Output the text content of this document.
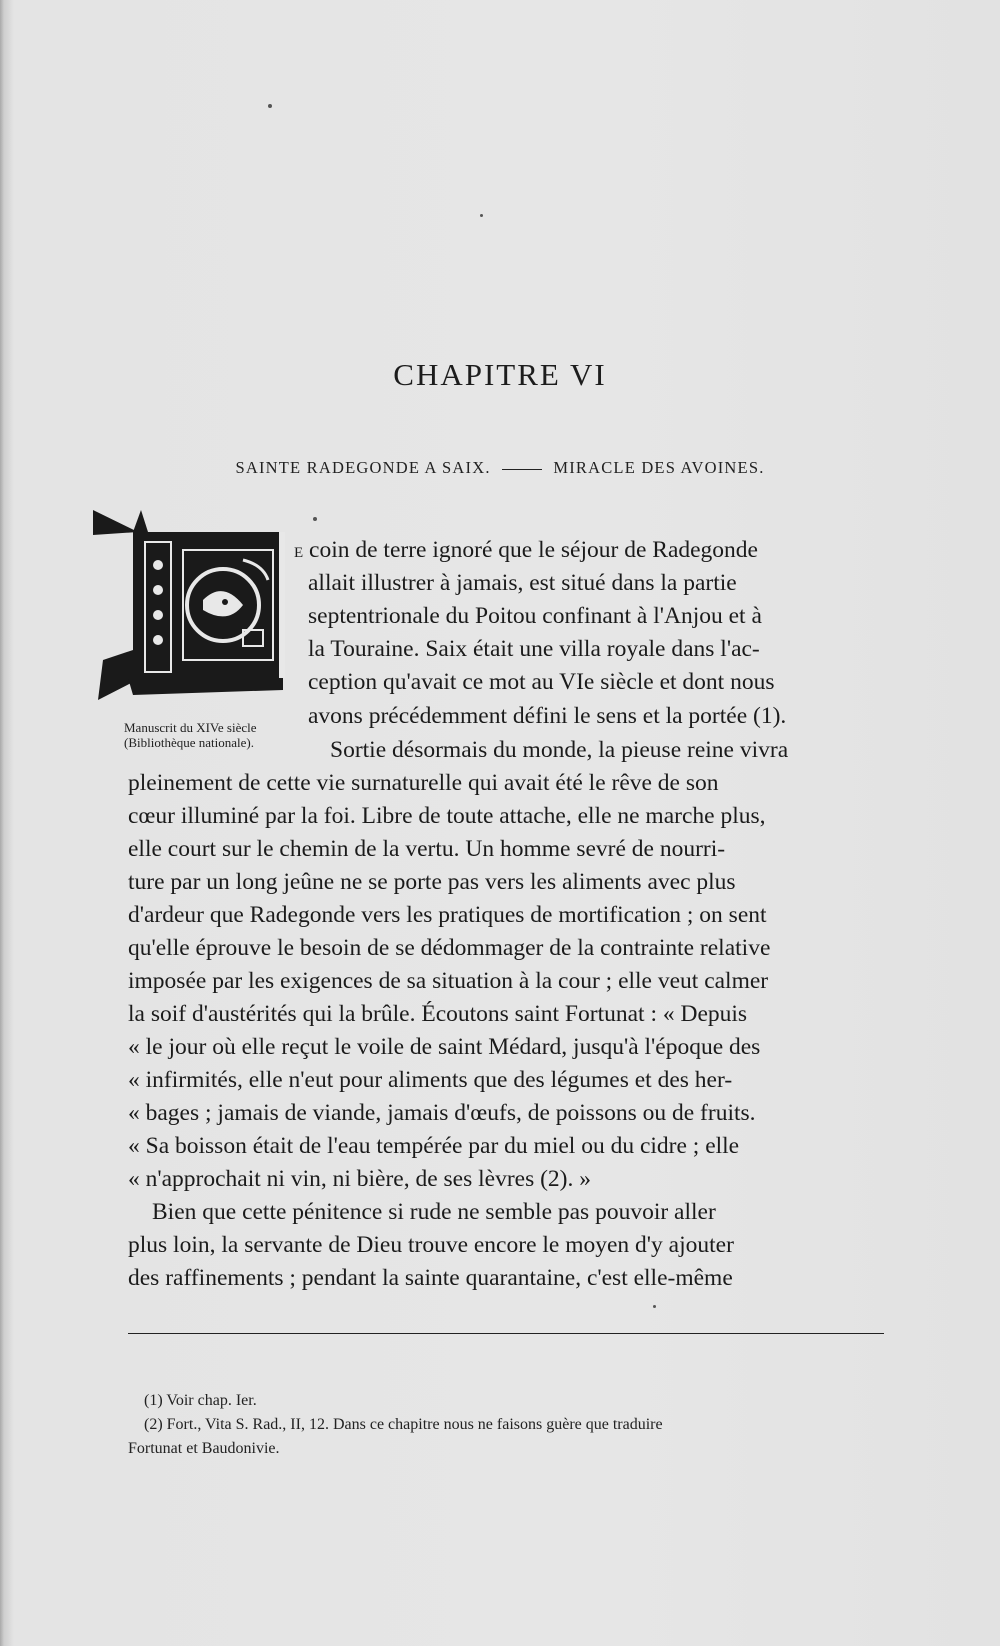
CHAPITRE VI
SAINTE RADEGONDE A SAIX.	MIRACLE DES AVOINES.
E coin de terre ignoré que le séjour de Radegonde
allait illustrer à jamais, est situé dans la partie
septentrionale du Poitou confinant à l'Anjou et à
la Touraine. Saix était une villa royale dans l'ac-
ception qu'avait ce mot au VIe siècle et dont nous
avons précédemment défini le sens et la portée (1).
Manuscrit du XIVe siècle (Bibliothèque nationale).	Sortie désormais du monde, la pieuse reine vivra
pleinement de cette vie surnaturelle qui avait été le rêve de son
cœur illuminé par la foi. Libre de toute attache, elle ne marche plus,
elle court sur le chemin de la vertu. Un homme sevré de nourri-
ture par un long jeûne ne se porte pas vers les aliments avec plus
d'ardeur que Radegonde vers les pratiques de mortification ; on sent
qu'elle éprouve le besoin de se dédommager de la contrainte relative
imposée par les exigences de sa situation à la cour ; elle veut calmer
la soif d'austérités qui la brûle. Écoutons saint Fortunat : « Depuis
« le jour où elle reçut le voile de saint Médard, jusqu'à l'époque des
« infirmités, elle n'eut pour aliments que des légumes et des her-
« bages ; jamais de viande, jamais d'œufs, de poissons ou de fruits.
« Sa boisson était de l'eau tempérée par du miel ou du cidre ; elle
« n'approchait ni vin, ni bière, de ses lèvres (2). »
Bien que cette pénitence si rude ne semble pas pouvoir aller
plus loin, la servante de Dieu trouve encore le moyen d'y ajouter
des raffinements ; pendant la sainte quarantaine, c'est elle-même
(1) Voir chap. Ier.
(2) Fort., Vita S. Rad., II, 12. Dans ce chapitre nous ne faisons guère que traduire
Fortunat et Baudonivie.
